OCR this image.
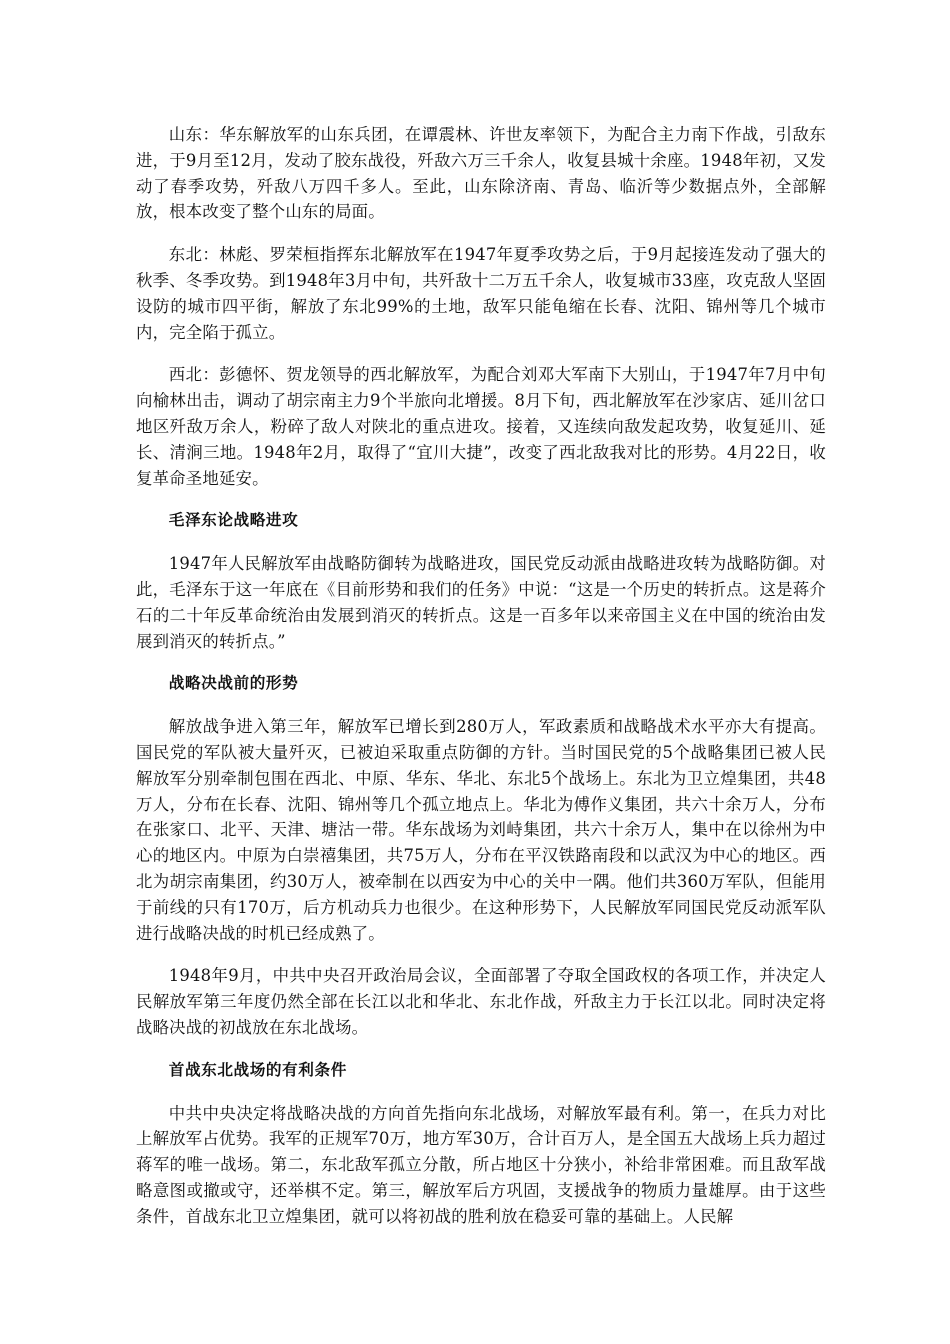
山东：华东解放军的山东兵团，在谭震林、许世友率领下，为配合主力南下作战，引敌东进，于9月至12月，发动了胶东战役，歼敌六万三千余人，收复县城十余座。1948年初，又发动了春季攻势，歼敌八万四千多人。至此，山东除济南、青岛、临沂等少数据点外，全部解放，根本改变了整个山东的局面。

东北：林彪、罗荣桓指挥东北解放军在1947年夏季攻势之后，于9月起接连发动了强大的秋季、冬季攻势。到1948年3月中旬，共歼敌十二万五千余人，收复城市33座，攻克敌人坚固设防的城市四平街，解放了东北99%的土地，敌军只能龟缩在长春、沈阳、锦州等几个城市内，完全陷于孤立。

西北：彭德怀、贺龙领导的西北解放军，为配合刘邓大军南下大别山，于1947年7月中旬向榆林出击，调动了胡宗南主力9个半旅向北增援。8月下旬，西北解放军在沙家店、延川岔口地区歼敌万余人，粉碎了敌人对陕北的重点进攻。接着，又连续向敌发起攻势，收复延川、延长、清涧三地。1948年2月，取得了“宜川大捷”，改变了西北敌我对比的形势。4月22日，收复革命圣地延安。

毛泽东论战略进攻

1947年人民解放军由战略防御转为战略进攻，国民党反动派由战略进攻转为战略防御。对此，毛泽东于这一年底在《目前形势和我们的任务》中说：“这是一个历史的转折点。这是蒋介石的二十年反革命统治由发展到消灭的转折点。这是一百多年以来帝国主义在中国的统治由发展到消灭的转折点。”

战略决战前的形势

解放战争进入第三年，解放军已增长到280万人，军政素质和战略战术水平亦大有提高。国民党的军队被大量歼灭，已被迫采取重点防御的方针。当时国民党的5个战略集团已被人民解放军分别牵制包围在西北、中原、华东、华北、东北5个战场上。东北为卫立煌集团，共48万人，分布在长春、沈阳、锦州等几个孤立地点上。华北为傅作义集团，共六十余万人，分布在张家口、北平、天津、塘沽一带。华东战场为刘峙集团，共六十余万人，集中在以徐州为中心的地区内。中原为白崇禧集团，共75万人，分布在平汉铁路南段和以武汉为中心的地区。西北为胡宗南集团，约30万人，被牵制在以西安为中心的关中一隅。他们共360万军队，但能用于前线的只有170万，后方机动兵力也很少。在这种形势下，人民解放军同国民党反动派军队进行战略决战的时机已经成熟了。

1948年9月，中共中央召开政治局会议，全面部署了夺取全国政权的各项工作，并决定人民解放军第三年度仍然全部在长江以北和华北、东北作战，歼敌主力于长江以北。同时决定将战略决战的初战放在东北战场。

首战东北战场的有利条件

中共中央决定将战略决战的方向首先指向东北战场，对解放军最有利。第一，在兵力对比上解放军占优势。我军的正规军70万，地方军30万，合计百万人，是全国五大战场上兵力超过蒋军的唯一战场。第二，东北敌军孤立分散，所占地区十分狭小，补给非常困难。而且敌军战略意图或撤或守，还举棋不定。第三，解放军后方巩固，支援战争的物质力量雄厚。由于这些条件，首战东北卫立煌集团，就可以将初战的胜利放在稳妥可靠的基础上。人民解
